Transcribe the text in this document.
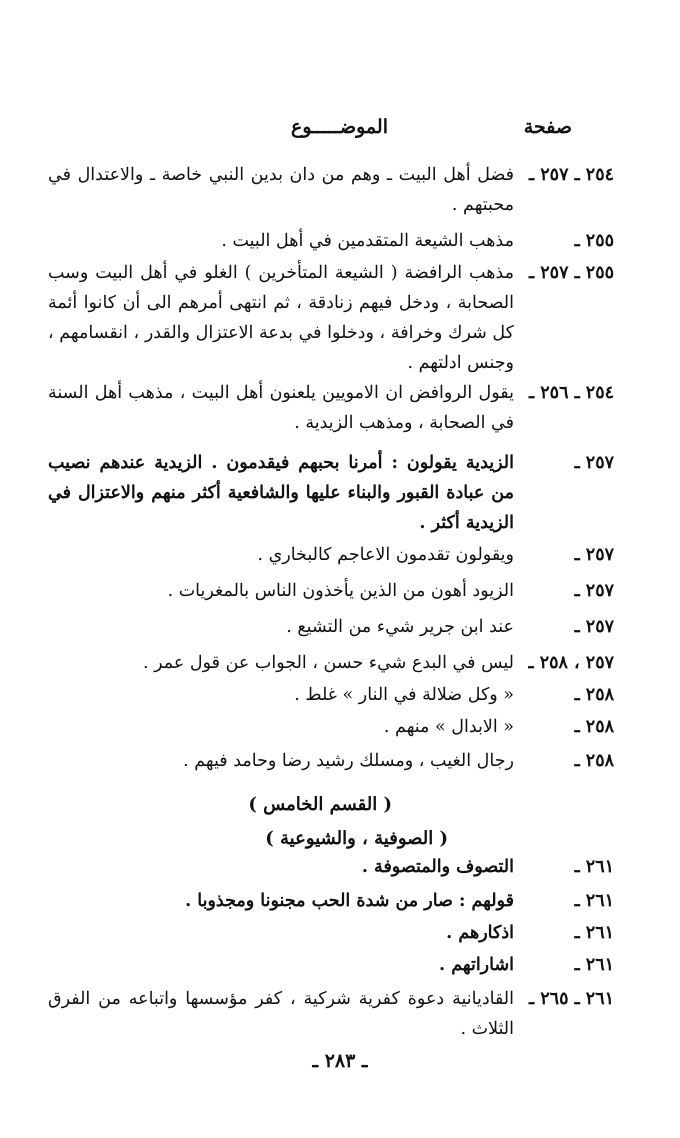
صفحة
الموضـــــوع
٢٥٤ ـ ٢٥٧ ـ
فضل أهل البيت ـ وهم من دان بدين النبي خاصة ـ والاعتدال في محبتهم .
٢٥٥ ـ
مذهب الشيعة المتقدمين في أهل البيت .
٢٥٥ ـ ٢٥٧ ـ
مذهب الرافضة ( الشيعة المتأخرين ) الغلو في أهل البيت وسب الصحابة ، ودخل فيهم زنادقة ، ثم انتهى أمرهم الى أن كانوا أئمة كل شرك وخرافة ، ودخلوا في بدعة الاعتزال والقدر ، انقسامهم ، وجنس ادلتهم .
٢٥٤ ـ ٢٥٦ ـ
يقول الروافض ان الامويين يلعنون أهل البيت ، مذهب أهل السنة في الصحابة ، ومذهب الزيدية .
٢٥٧ ـ
الزيدية يقولون : أمرنا بحبهم فيقدمون . الزيدية عندهم نصيب من عبادة القبور والبناء عليها والشافعية أكثر منهم والاعتزال في الزيدية أكثر .
٢٥٧ ـ
ويقولون تقدمون الاعاجم كالبخاري .
٢٥٧ ـ
الزيود أهون من الذين يأخذون الناس بالمغريات .
٢٥٧ ـ
عند ابن جرير شيء من التشيع .
٢٥٧ ، ٢٥٨ ـ
ليس في البدع شيء حسن ، الجواب عن قول عمر .
٢٥٨ ـ
« وكل ضلالة في النار » غلط .
٢٥٨ ـ
« الابدال » منهم .
٢٥٨ ـ
رجال الغيب ، ومسلك رشيد رضا وحامد فيهم .
( القسم الخامس )
( الصوفية ، والشيوعية )
٢٦١ ـ
التصوف والمتصوفة .
٢٦١ ـ
قولهم : صار من شدة الحب مجنونا ومجذوبا .
٢٦١ ـ
اذكارهم .
٢٦١ ـ
اشاراتهم .
٢٦١ ـ ٢٦٥ ـ
القاديانية دعوة كفرية شركية ، كفر مؤسسها واتباعه من الفرق الثلاث .
ـ ٢٨٣ ـ
